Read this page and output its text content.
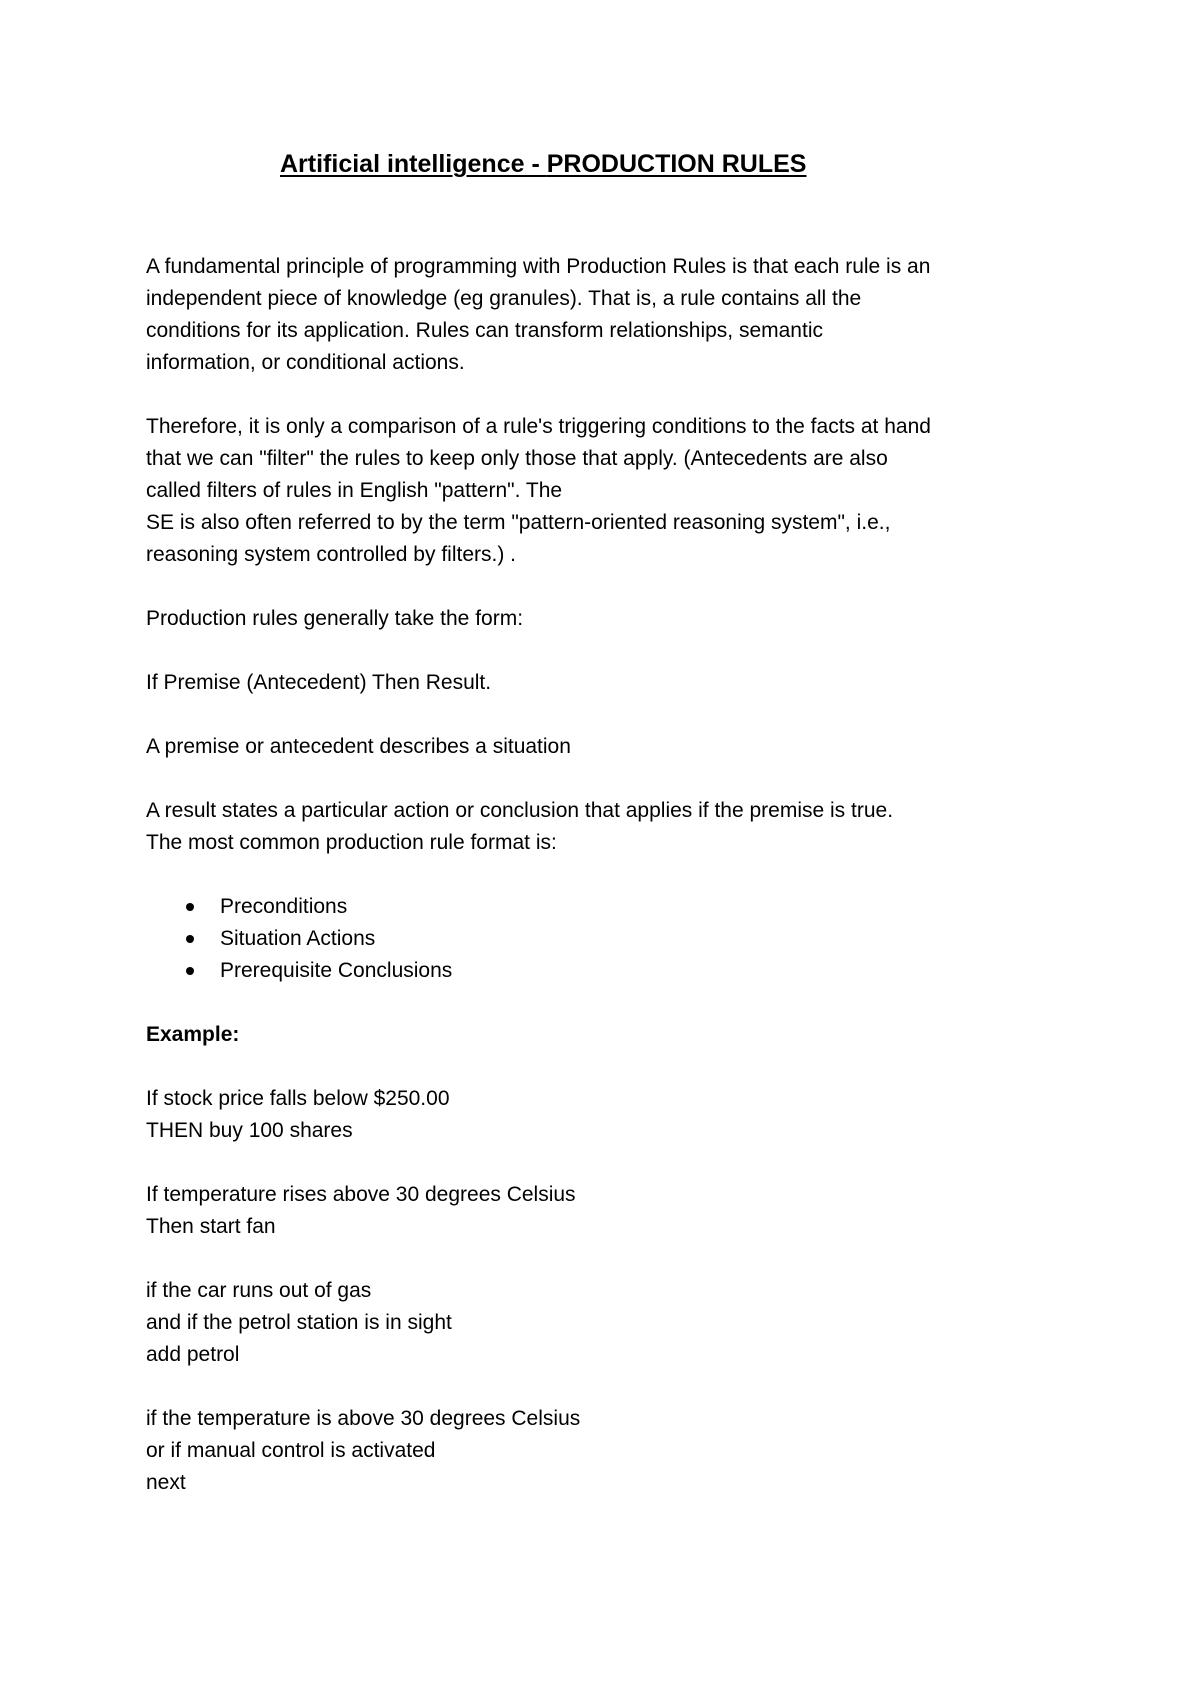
Artificial intelligence - PRODUCTION RULES

A fundamental principle of programming with Production Rules is that each rule is an

independent piece of knowledge (eg granules). That is, a rule contains all the

conditions for its application. Rules can transform relationships, semantic

information, or conditional actions.

Therefore, it is only a comparison of a rule's triggering conditions to the facts at hand

that we can "filter" the rules to keep only those that apply. (Antecedents are also

called filters of rules in English "pattern". The

SE is also often referred to by the term "pattern-oriented reasoning system", i.e.,

reasoning system controlled by filters.) .

Production rules generally take the form:

If Premise (Antecedent) Then Result.

A premise or antecedent describes a situation

A result states a particular action or conclusion that applies if the premise is true.

The most common production rule format is:

Preconditions
Situation Actions
Prerequisite Conclusions

Example:

If stock price falls below $250.00

THEN buy 100 shares

If temperature rises above 30 degrees Celsius

Then start fan

if the car runs out of gas

and if the petrol station is in sight

add petrol

if the temperature is above 30 degrees Celsius

or if manual control is activated

next
